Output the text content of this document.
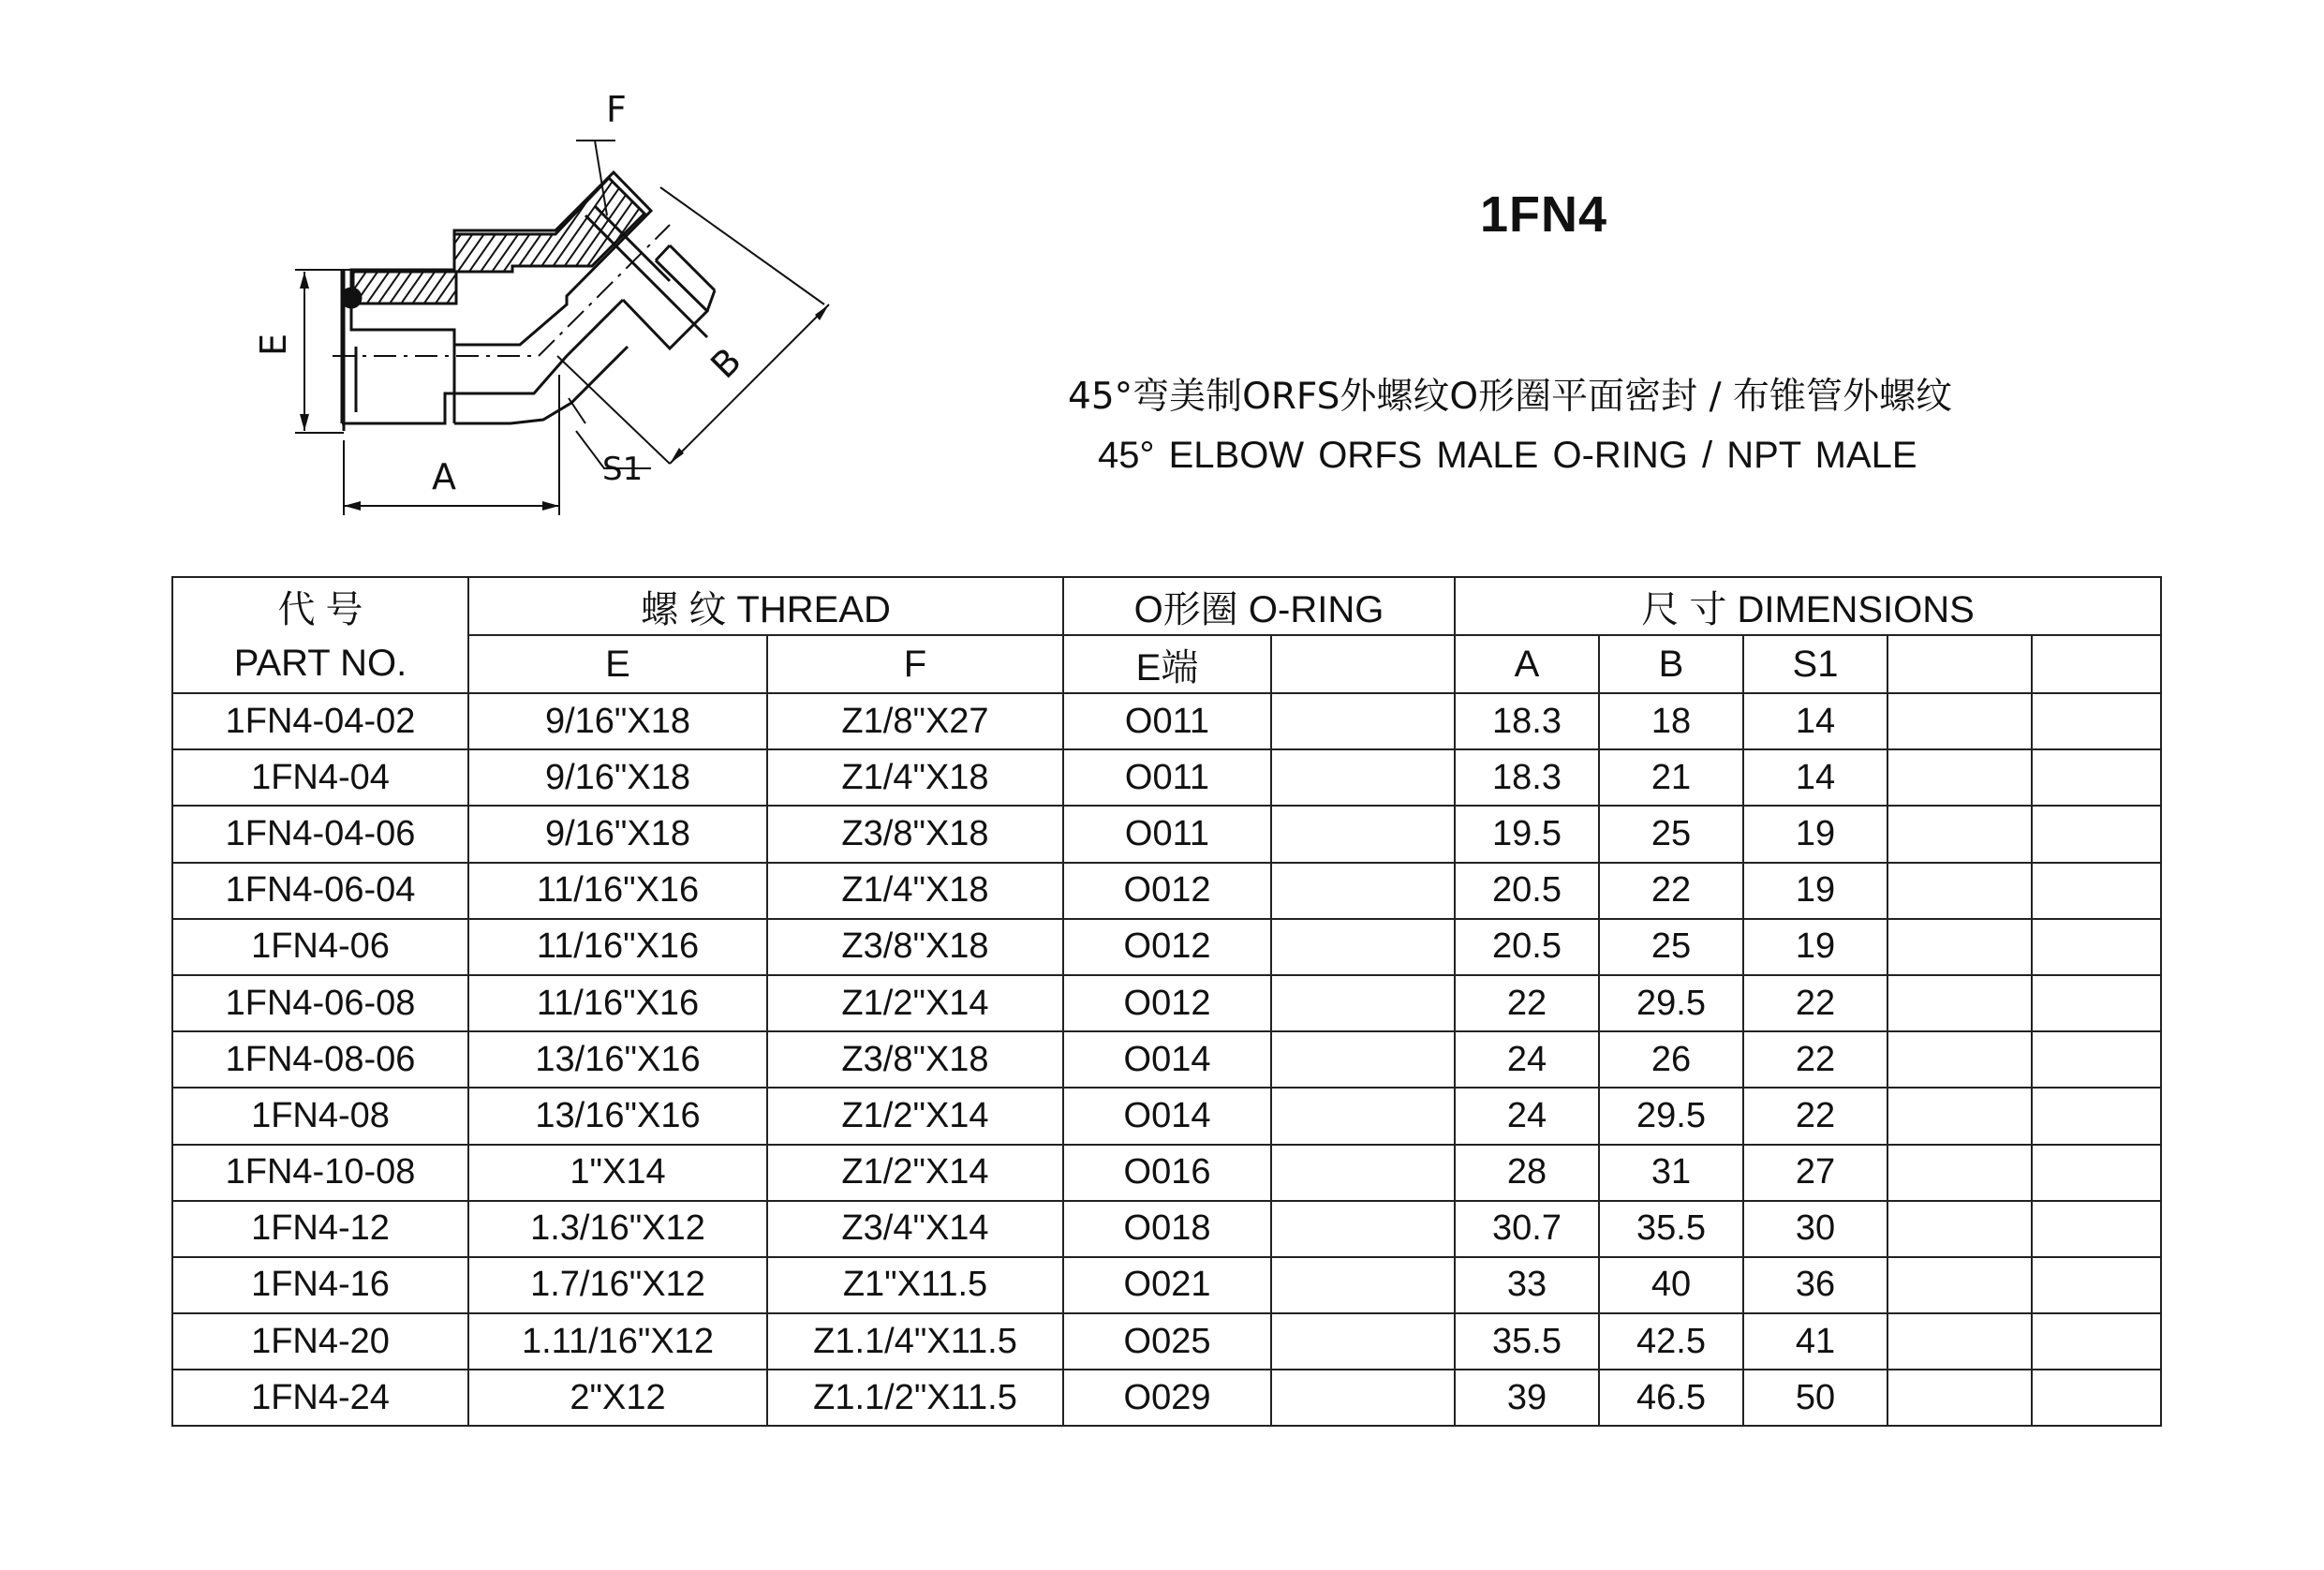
F
E	B
S1
A
1FN4
45°弯美制ORFS外螺纹O形圈平面密封 / 布锥管外螺纹
45° ELBOW ORFS MALE O-RING / NPT MALE
代 号	螺 纹 THREAD		O形圈 O-RING		尺 寸 DIMENSIONS				
PART NO.	E	F	E端		A	B	S1		
1FN4-04-02	9/16"X18	Z1/8"X27	O011		18.3	18	14		
1FN4-04	9/16"X18	Z1/4"X18	O011		18.3	21	14		
1FN4-04-06	9/16"X18	Z3/8"X18	O011		19.5	25	19		
1FN4-06-04	11/16"X16	Z1/4"X18	O012		20.5	22	19		
1FN4-06	11/16"X16	Z3/8"X18	O012		20.5	25	19		
1FN4-06-08	11/16"X16	Z1/2"X14	O012		22	29.5	22		
1FN4-08-06	13/16"X16	Z3/8"X18	O014		24	26	22		
1FN4-08	13/16"X16	Z1/2"X14	O014		24	29.5	22		
1FN4-10-08	1"X14	Z1/2"X14	O016		28	31	27		
1FN4-12	1.3/16"X12	Z3/4"X14	O018		30.7	35.5	30		
1FN4-16	1.7/16"X12	Z1"X11.5	O021		33	40	36		
1FN4-20	1.11/16"X12	Z1.1/4"X11.5	O025		35.5	42.5	41		
1FN4-24	2"X12	Z1.1/2"X11.5	O029		39	46.5	50		
